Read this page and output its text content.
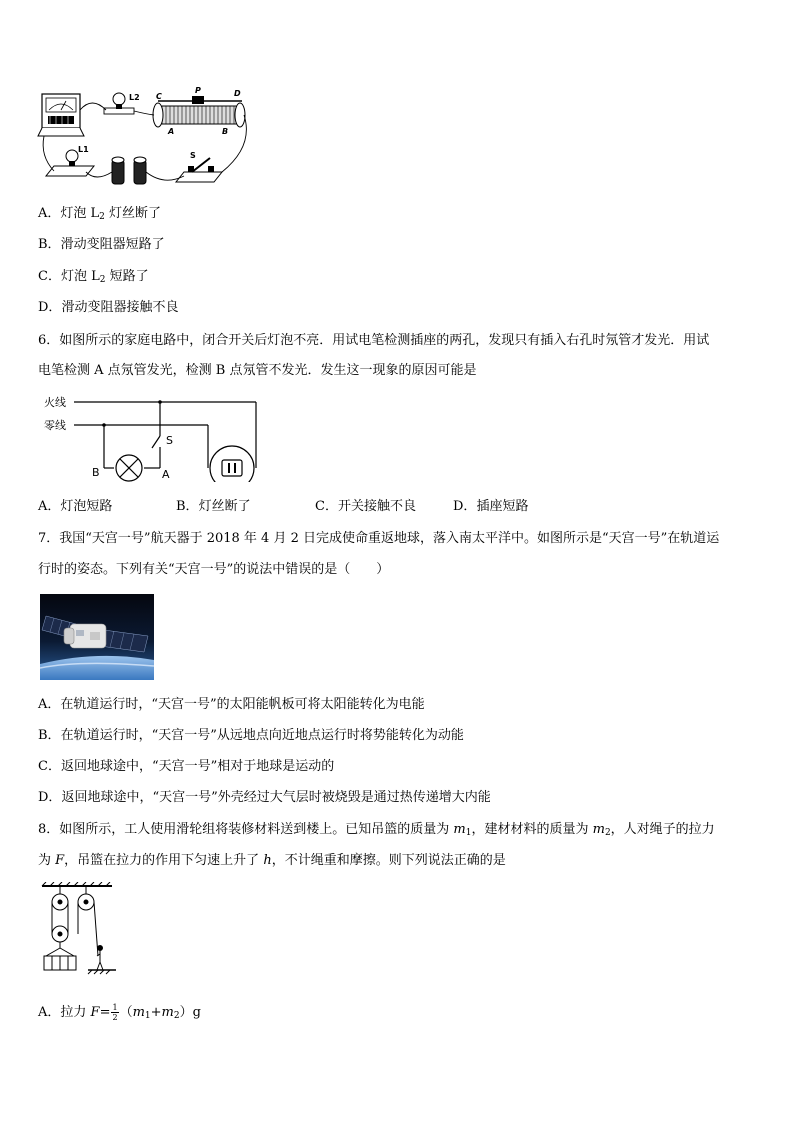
L2 C
P	D
A	B
L1
S
A．灯泡 $L_2$ 灯丝断了
B．滑动变阻器短路了
C．灯泡 $L_2$ 短路了
D．滑动变阻器接触不良
6．如图所示的家庭电路中，闭合开关后灯泡不亮．用试电笔检测插座的两孔，发现只有插入右孔时氖管才发光．用试
电笔检测 A 点氖管发光，检测 B 点氖管不发光．发生这一现象的原因可能是
火线
零线
S
B	A
A．灯泡短路	B．灯丝断了	C．开关接触不良	D．插座短路
7．我国“天宫一号”航天器于 2018 年 4 月 2 日完成使命重返地球，落入南太平洋中。如图所示是“天宫一号”在轨道运
行时的姿态。下列有关“天宫一号”的说法中错误的是（　　）
A．在轨道运行时，“天宫一号”的太阳能帆板可将太阳能转化为电能
B．在轨道运行时，“天宫一号”从远地点向近地点运行时将势能转化为动能
C．返回地球途中，“天宫一号”相对于地球是运动的
D．返回地球途中，“天宫一号”外壳经过大气层时被烧毁是通过热传递增大内能
8．如图所示，工人使用滑轮组将装修材料送到楼上。已知吊篮的质量为 $m_1$，建材材料的质量为 $m_2$，人对绳子的拉力
为 F，吊篮在拉力的作用下匀速上升了 h，不计绳重和摩擦。则下列说法正确的是
A．拉力 $F= \frac{1}{2} (m_1+m_2)g$
